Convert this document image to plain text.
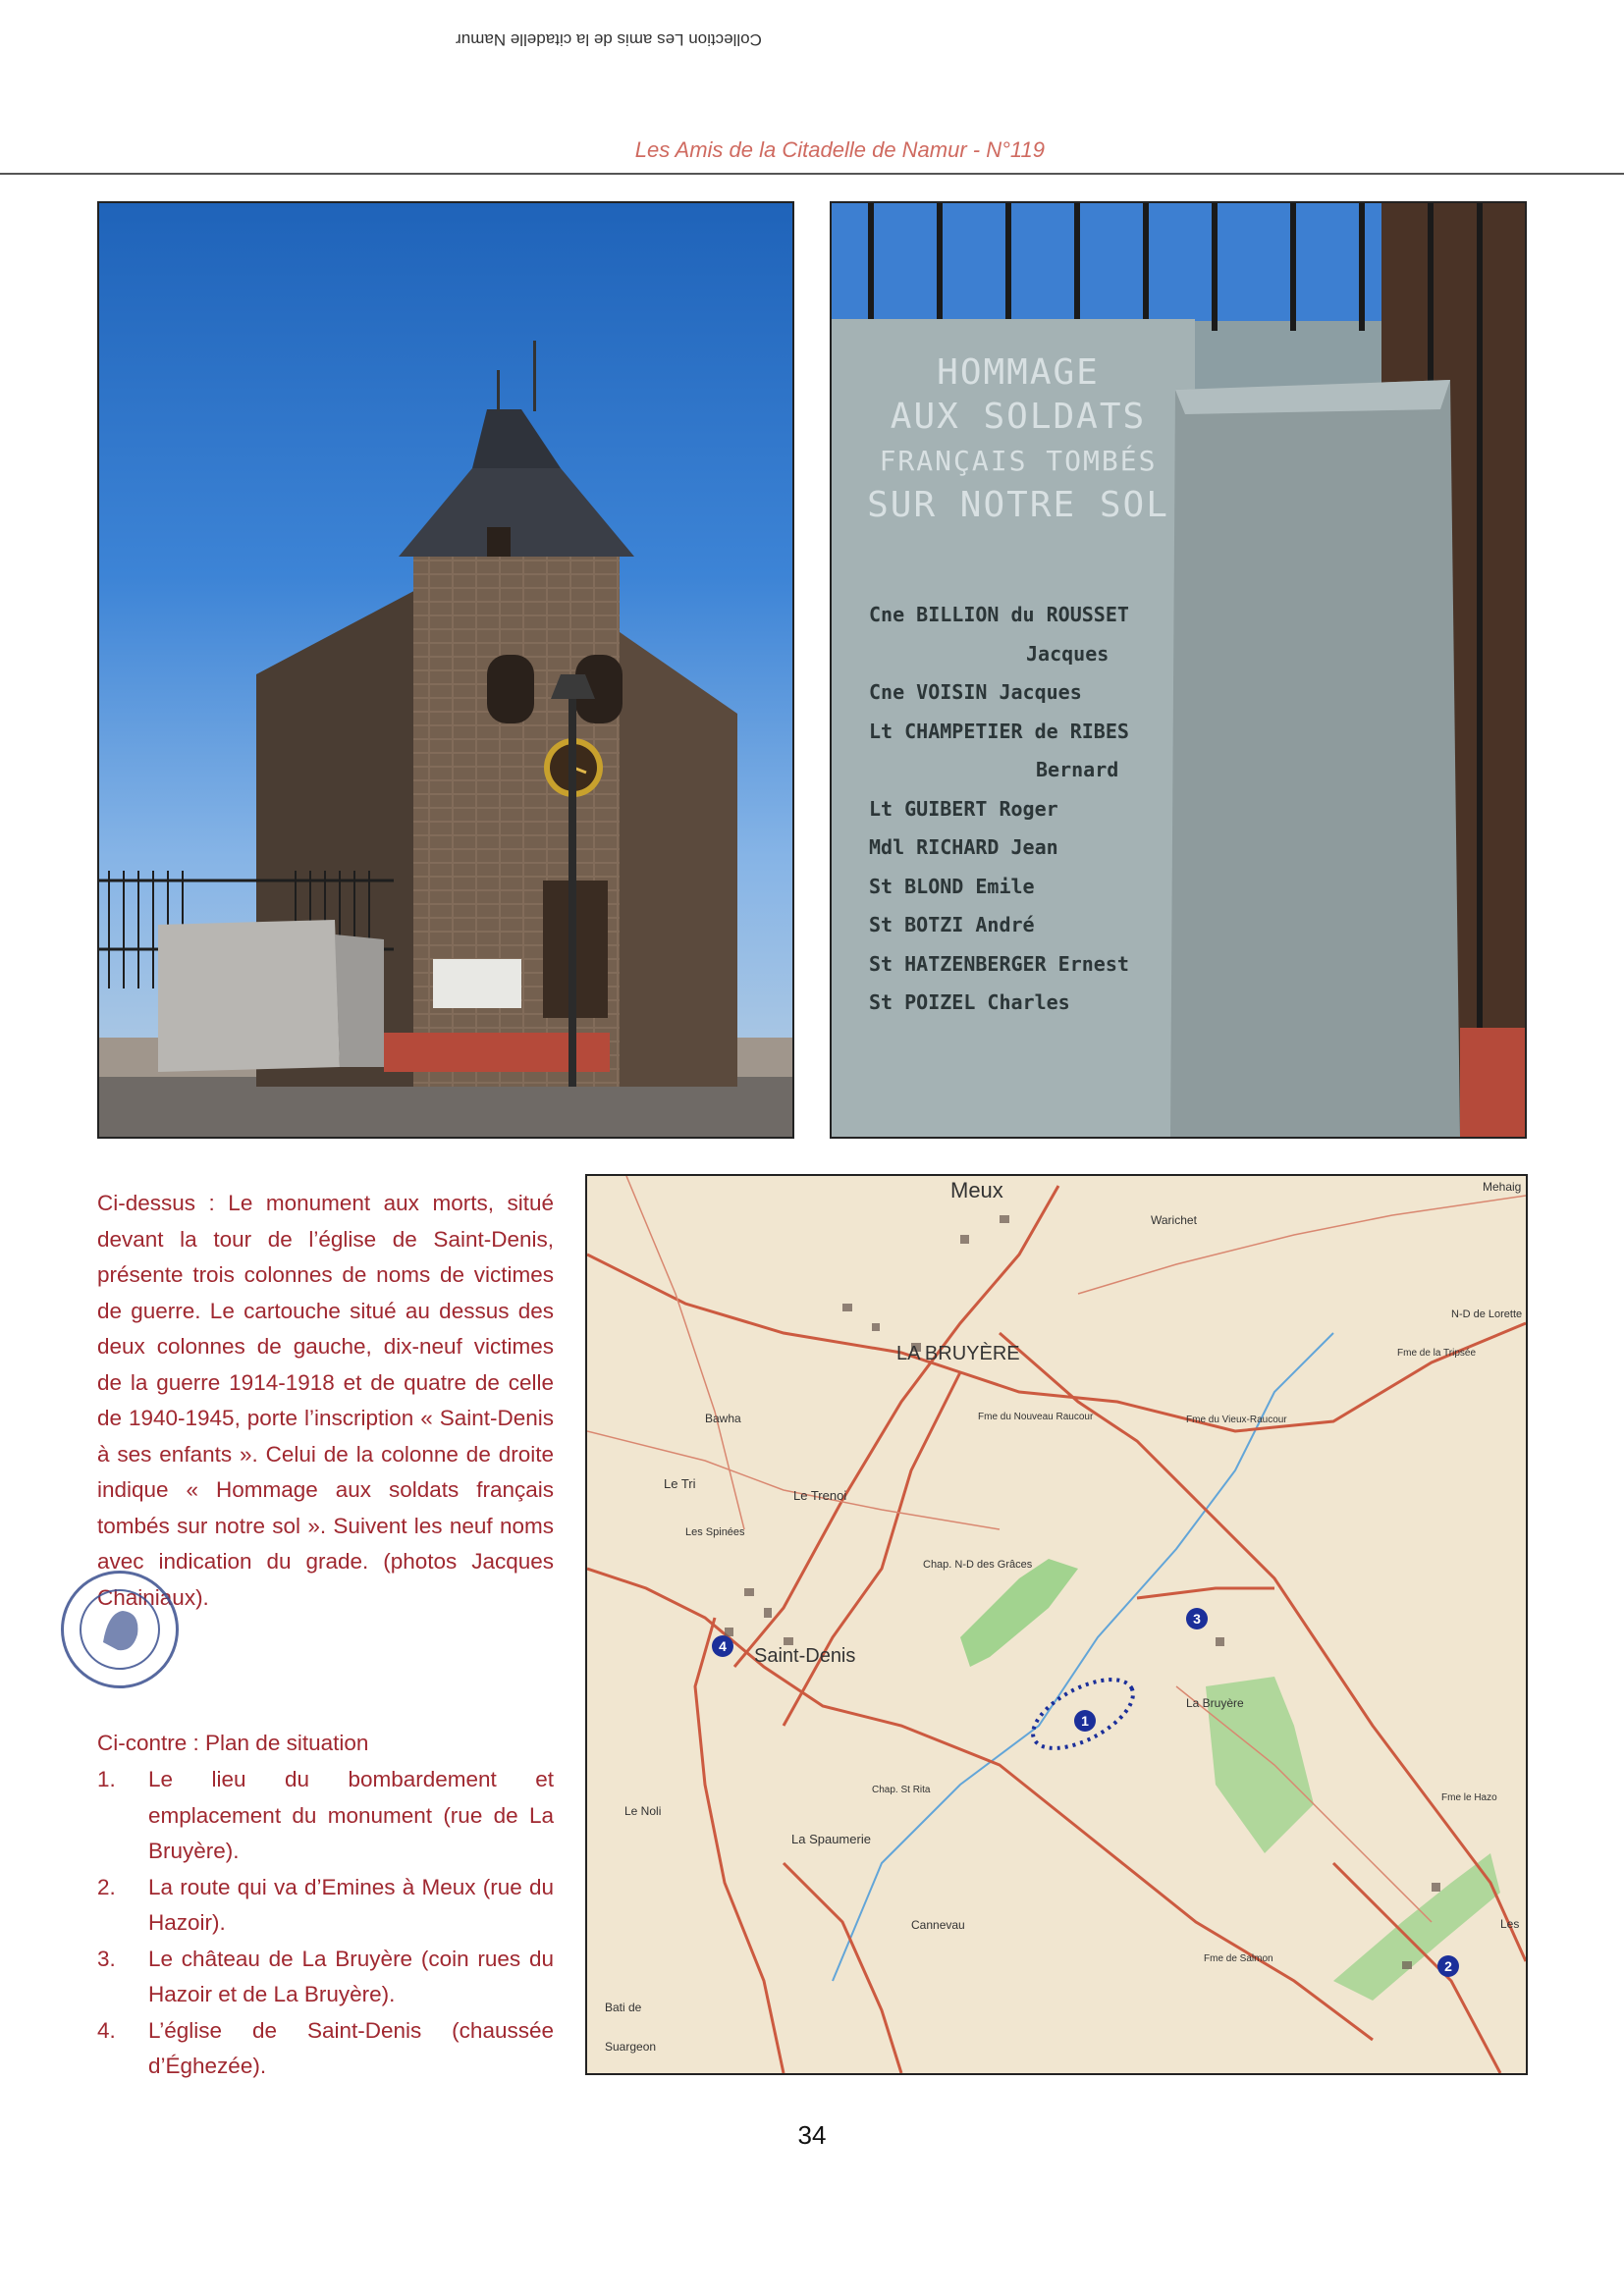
Collection Les amis de la citadelle Namur
Les Amis de la Citadelle de Namur - N°119
HOMMAGE
AUX SOLDATS
FRANÇAIS TOMBÉS
SUR NOTRE SOL
Cne BILLION du ROUSSET
Jacques
Cne VOISIN Jacques
Lt CHAMPETIER de RIBES
Bernard
Lt GUIBERT Roger
Mdl RICHARD Jean
St BLOND Emile
St BOTZI André
St HATZENBERGER Ernest
St POIZEL Charles
Ci-dessus : Le monument aux morts, situé devant la tour de l’église de Saint-Denis, présente trois colonnes de noms de victimes de guerre. Le cartouche situé au dessus des deux colonnes de gauche, dix-neuf victimes de la guerre 1914-1918 et de quatre de celle de 1940-1945, porte l’inscription « Saint-Denis à ses enfants ». Celui de la colonne de droite indique « Hommage aux soldats français tombés sur notre sol ». Suivent les neuf noms avec indication du grade. (photos Jacques Chainiaux).
Ci-contre : Plan de situation
1. Le lieu du bombardement et emplacement du monument (rue de La Bruyère).
2. La route qui va d’Emines à Meux (rue du Hazoir).
3. Le château de La Bruyère (coin rues du Hazoir et de La Bruyère).
4. L’église de Saint-Denis (chaussée d’Éghezée).
Meux
Warichet
Mehaig
LA BRUYÈRE
N-D de Lorette
Fme de la Tripsée
Fme du Nouveau Raucour	Fme du Vieux-Raucour
Bawha
Le Tri
Les Spinées
Le Trenoi
Chap. N-D des Grâces
Saint-Denis
La Bruyère
Le Noli
Chap. St Rita
La Spaumerie
Fme le Hazo
Cannevau
Fme de Salmon
Les
Bati de
Suargeon
1
2
3
4
34
